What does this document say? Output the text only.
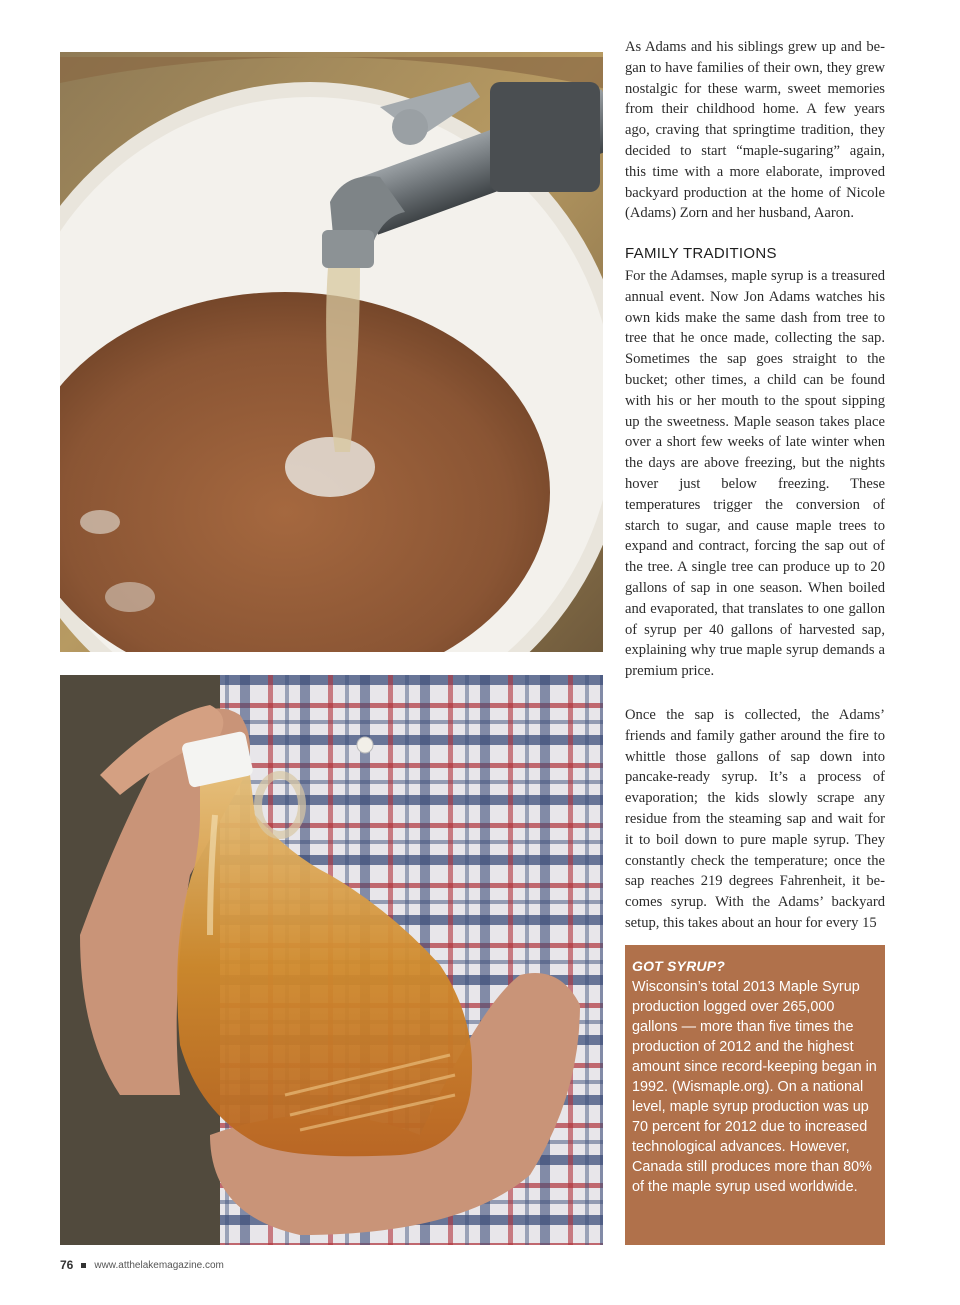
As Adams and his siblings grew up and began to have families of their own, they grew nostalgic for these warm, sweet memories from their childhood home. A few years ago, craving that springtime tradition, they decided to start “maple-sugaring” again, this time with a more elaborate, improved backyard production at the home of Nicole (Adams) Zorn and her husband, Aaron.

FAMILY TRADITIONS

For the Adamses, maple syrup is a treasured annual event. Now Jon Adams watches his own kids make the same dash from tree to tree that he once made, collecting the sap. Sometimes the sap goes straight to the bucket; other times, a child can be found with his or her mouth to the spout sipping up the sweetness. Maple season takes place over a short few weeks of late winter when the days are above freezing, but the nights hover just below freezing. These temperatures trigger the conversion of starch to sugar, and cause maple trees to expand and contract, forcing the sap out of the tree. A single tree can produce up to 20 gallons of sap in one season. When boiled and evaporated, that translates to one gallon of syrup per 40 gallons of harvested sap, explaining why true maple syrup demands a premium price.

Once the sap is collected, the Adams’ friends and family gather around the fire to whittle those gallons of sap down into pancake-ready syrup. It’s a process of evaporation; the kids slowly scrape any residue from the steaming sap and wait for it to boil down to pure maple syrup. They constantly check the temperature; once the sap reaches 219 degrees Fahrenheit, it becomes syrup. With the Adams’ backyard setup, this takes about an hour for every 15

GOT SYRUP?

Wisconsin’s total 2013 Maple Syrup production logged over 265,000 gallons — more than five times the production of 2012 and the highest amount since record-keeping began in 1992. (Wismaple.org). On a national level, maple syrup production was up 70 percent for 2012 due to increased technological advances. However, Canada still produces more than 80% of the maple syrup used worldwide.

76 www.atthelakemagazine.com
